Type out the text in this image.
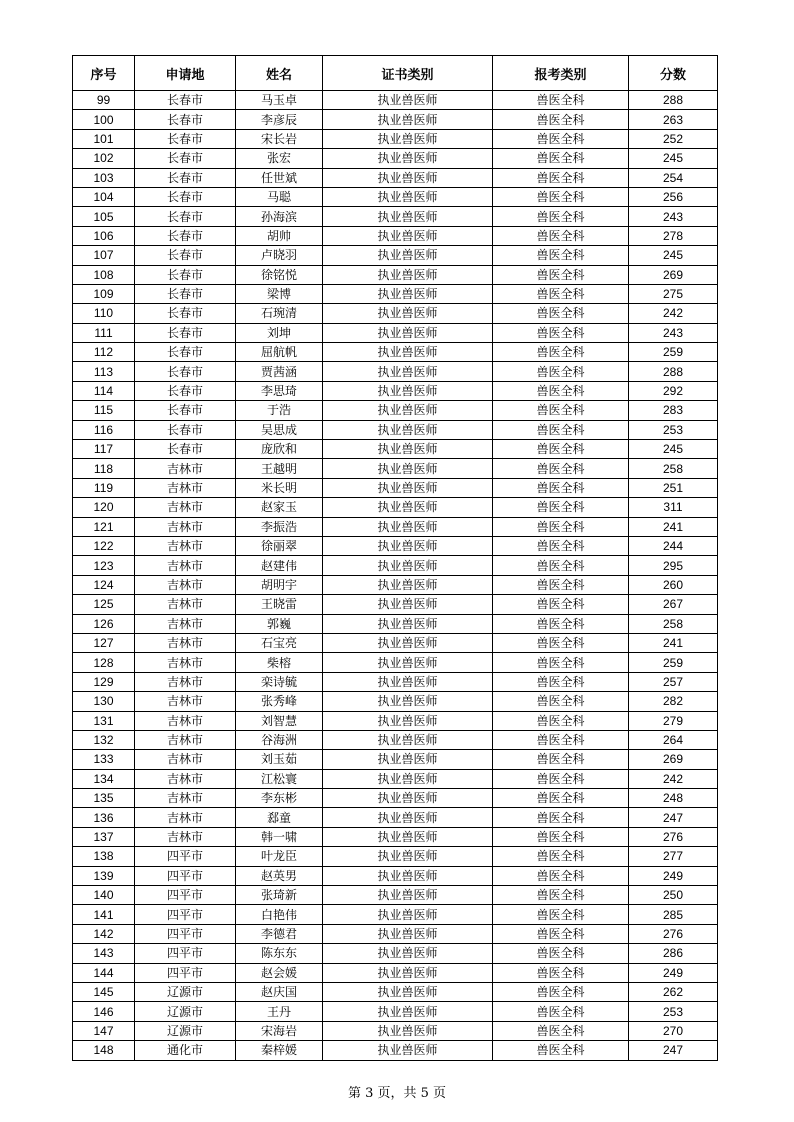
序号	申请地	姓名	证书类别	报考类别	分数
99	长春市	马玉卓	执业兽医师	兽医全科	288
100	长春市	李彦辰	执业兽医师	兽医全科	263
101	长春市	宋长岩	执业兽医师	兽医全科	252
102	长春市	张宏	执业兽医师	兽医全科	245
103	长春市	任世斌	执业兽医师	兽医全科	254
104	长春市	马聪	执业兽医师	兽医全科	256
105	长春市	孙海滨	执业兽医师	兽医全科	243
106	长春市	胡帅	执业兽医师	兽医全科	278
107	长春市	卢晓羽	执业兽医师	兽医全科	245
108	长春市	徐铭悦	执业兽医师	兽医全科	269
109	长春市	梁博	执业兽医师	兽医全科	275
110	长春市	石琬清	执业兽医师	兽医全科	242
111	长春市	刘坤	执业兽医师	兽医全科	243
112	长春市	屈航帆	执业兽医师	兽医全科	259
113	长春市	贾茜涵	执业兽医师	兽医全科	288
114	长春市	李思琦	执业兽医师	兽医全科	292
115	长春市	于浩	执业兽医师	兽医全科	283
116	长春市	吴思成	执业兽医师	兽医全科	253
117	长春市	庞欣和	执业兽医师	兽医全科	245
118	吉林市	王越明	执业兽医师	兽医全科	258
119	吉林市	米长明	执业兽医师	兽医全科	251
120	吉林市	赵家玉	执业兽医师	兽医全科	311
121	吉林市	李振浩	执业兽医师	兽医全科	241
122	吉林市	徐丽翠	执业兽医师	兽医全科	244
123	吉林市	赵建伟	执业兽医师	兽医全科	295
124	吉林市	胡明宇	执业兽医师	兽医全科	260
125	吉林市	王晓雷	执业兽医师	兽医全科	267
126	吉林市	郭巍	执业兽医师	兽医全科	258
127	吉林市	石宝亮	执业兽医师	兽医全科	241
128	吉林市	柴榕	执业兽医师	兽医全科	259
129	吉林市	栾诗毓	执业兽医师	兽医全科	257
130	吉林市	张秀峰	执业兽医师	兽医全科	282
131	吉林市	刘智慧	执业兽医师	兽医全科	279
132	吉林市	谷海洲	执业兽医师	兽医全科	264
133	吉林市	刘玉茹	执业兽医师	兽医全科	269
134	吉林市	江松寰	执业兽医师	兽医全科	242
135	吉林市	李东彬	执业兽医师	兽医全科	248
136	吉林市	郄童	执业兽医师	兽医全科	247
137	吉林市	韩一啸	执业兽医师	兽医全科	276
138	四平市	叶龙臣	执业兽医师	兽医全科	277
139	四平市	赵英男	执业兽医师	兽医全科	249
140	四平市	张琦新	执业兽医师	兽医全科	250
141	四平市	白艳伟	执业兽医师	兽医全科	285
142	四平市	李德君	执业兽医师	兽医全科	276
143	四平市	陈东东	执业兽医师	兽医全科	286
144	四平市	赵会媛	执业兽医师	兽医全科	249
145	辽源市	赵庆国	执业兽医师	兽医全科	262
146	辽源市	王丹	执业兽医师	兽医全科	253
147	辽源市	宋海岩	执业兽医师	兽医全科	270
148	通化市	秦梓媛	执业兽医师	兽医全科	247
第 3 页，共 5 页
